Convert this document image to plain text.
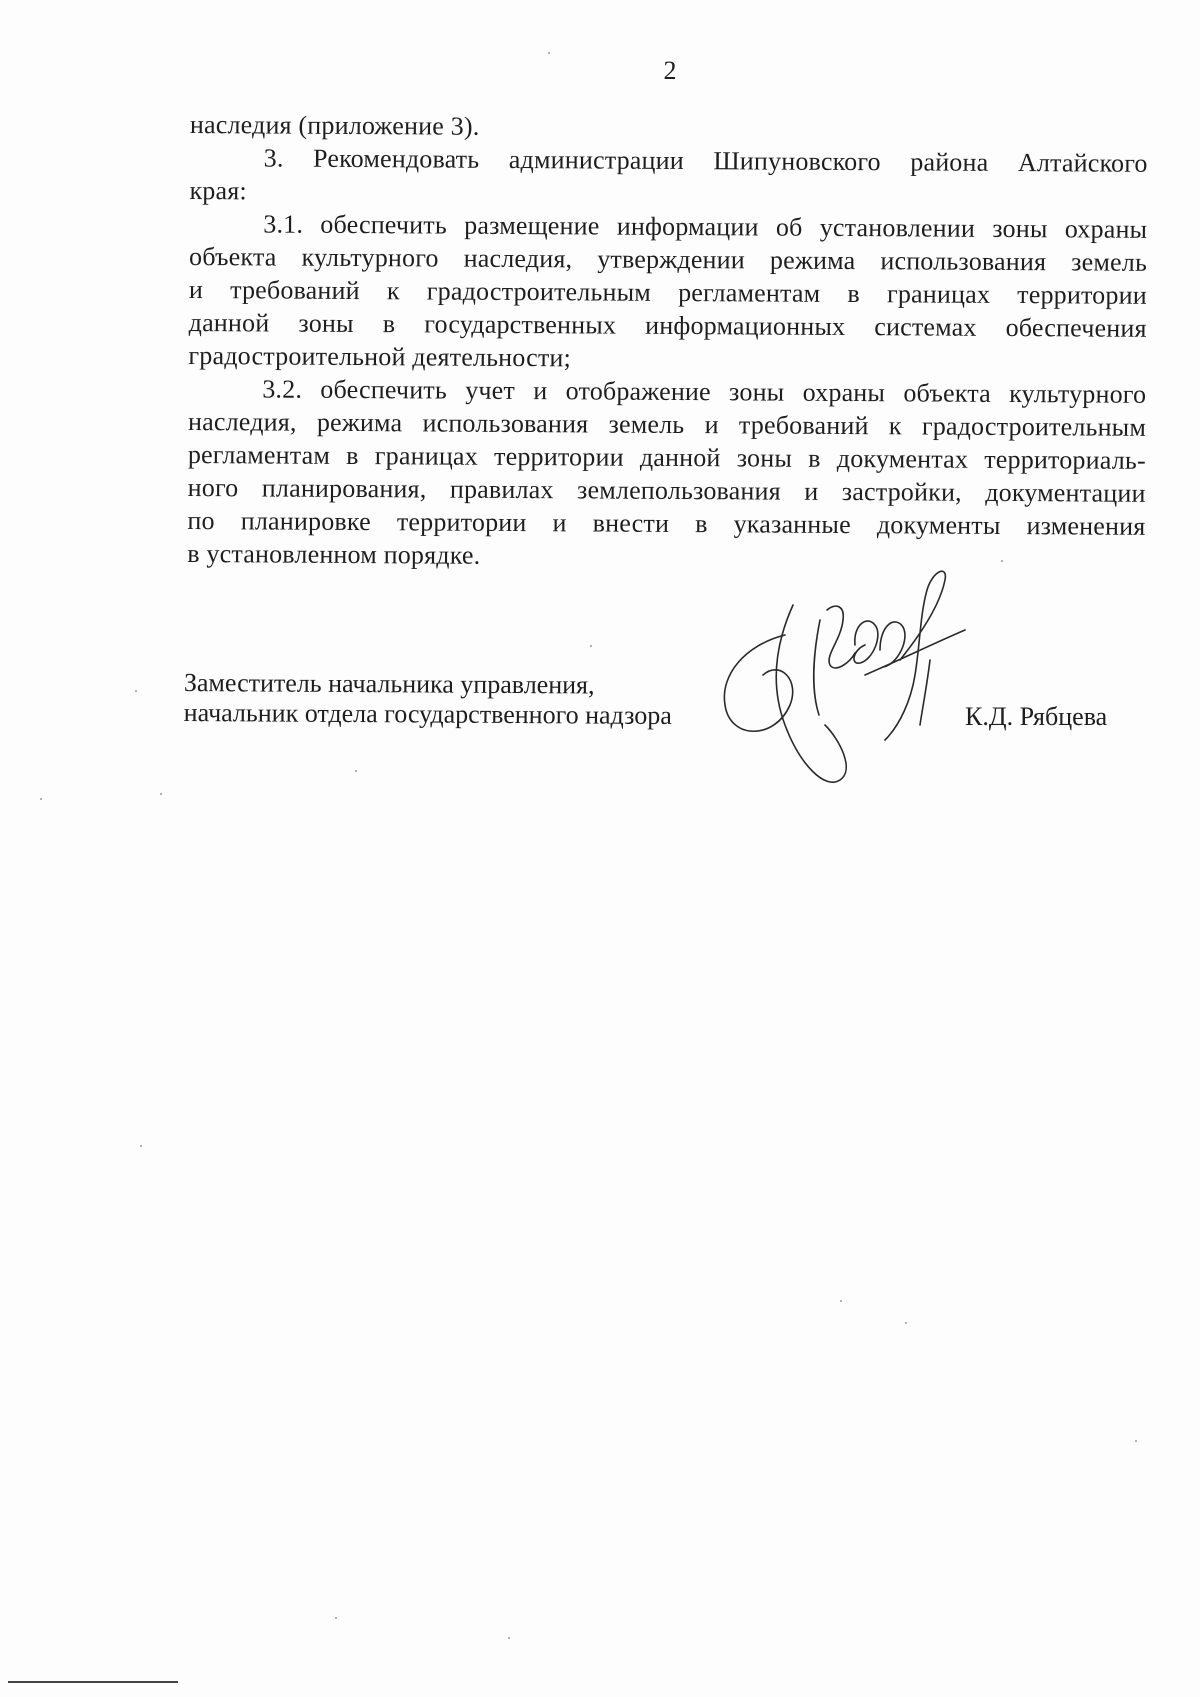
2
наследия (приложение 3).
3. Рекомендовать администрации Шипуновского района Алтайского
края:
3.1. обеспечить размещение информации об установлении зоны охраны
объекта культурного наследия, утверждении режима использования земель
и требований к градостроительным регламентам в границах территории
данной зоны в государственных информационных системах обеспечения
градостроительной деятельности;
3.2. обеспечить учет и отображение зоны охраны объекта культурного
наследия, режима использования земель и требований к градостроительным
регламентам в границах территории данной зоны в документах территориаль-
ного планирования, правилах землепользования и застройки, документации
по планировке территории и внести в указанные документы изменения
в установленном порядке.
Заместитель начальника управления,
начальник отдела государственного надзора	К.Д. Рябцева
